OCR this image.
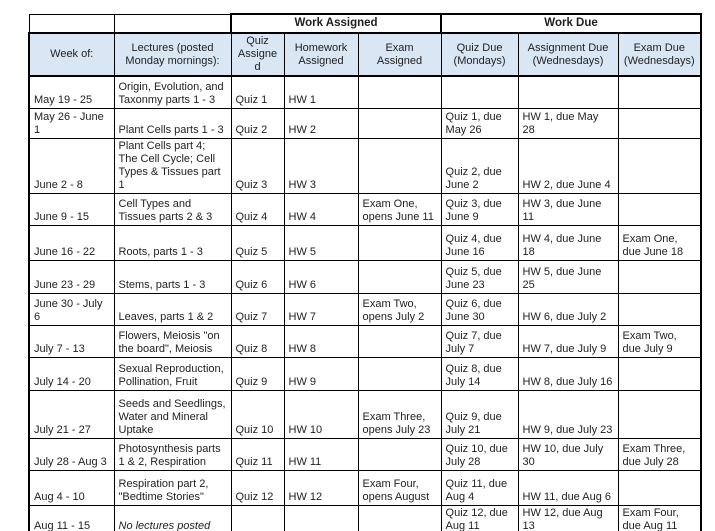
		Work Assigned			Work Due		
Week of:	Lectures (posted Monday mornings):	Quiz Assigned	Homework Assigned	Exam Assigned	Quiz Due (Mondays)	Assignment Due (Wednesdays)	Exam Due (Wednesdays)
May 19 - 25	Origin, Evolution, and Taxonmy parts 1 - 3	Quiz 1	HW 1				
May 26 - June 1	Plant Cells parts 1 - 3	Quiz 2	HW 2		Quiz 1, due May 26	HW 1, due May 28	
June 2 - 8	Plant Cells part 4; The Cell Cycle; Cell Types & Tissues part 1	Quiz 3	HW 3		Quiz 2, due June 2	HW 2, due June 4	
June 9 - 15	Cell Types and Tissues parts 2 & 3	Quiz 4	HW 4	Exam One, opens June 11	Quiz 3, due June 9	HW 3, due June 11	
June 16 - 22	Roots, parts 1 - 3	Quiz 5	HW 5		Quiz 4, due June 16	HW 4, due June 18	Exam One, due June 18
June 23 - 29	Stems, parts 1 - 3	Quiz 6	HW 6		Quiz 5, due June 23	HW 5, due June 25	
June 30 - July 6	Leaves, parts 1 & 2	Quiz 7	HW 7	Exam Two, opens July 2	Quiz 6, due June 30	HW 6, due July 2	
July 7 - 13	Flowers, Meiosis "on the board", Meiosis	Quiz 8	HW 8		Quiz 7, due July 7	HW 7, due July 9	Exam Two, due July 9
July 14 - 20	Sexual Reproduction, Pollination, Fruit	Quiz 9	HW 9		Quiz 8, due July 14	HW 8, due July 16	
July 21 - 27	Seeds and Seedlings, Water and Mineral Uptake	Quiz 10	HW 10	Exam Three, opens July 23	Quiz 9, due July 21	HW 9, due July 23	
July 28 - Aug 3	Photosynthesis parts 1 & 2, Respiration	Quiz 11	HW 11		Quiz 10, due July 28	HW 10, due July 30	Exam Three, due July 28
Aug 4 - 10	Respiration part 2, "Bedtime Stories"	Quiz 12	HW 12	Exam Four, opens August	Quiz 11, due Aug 4	HW 11, due Aug 6	
Aug 11 - 15	No lectures posted				Quiz 12, due Aug 11	HW 12, due Aug 13	Exam Four, due Aug 11
